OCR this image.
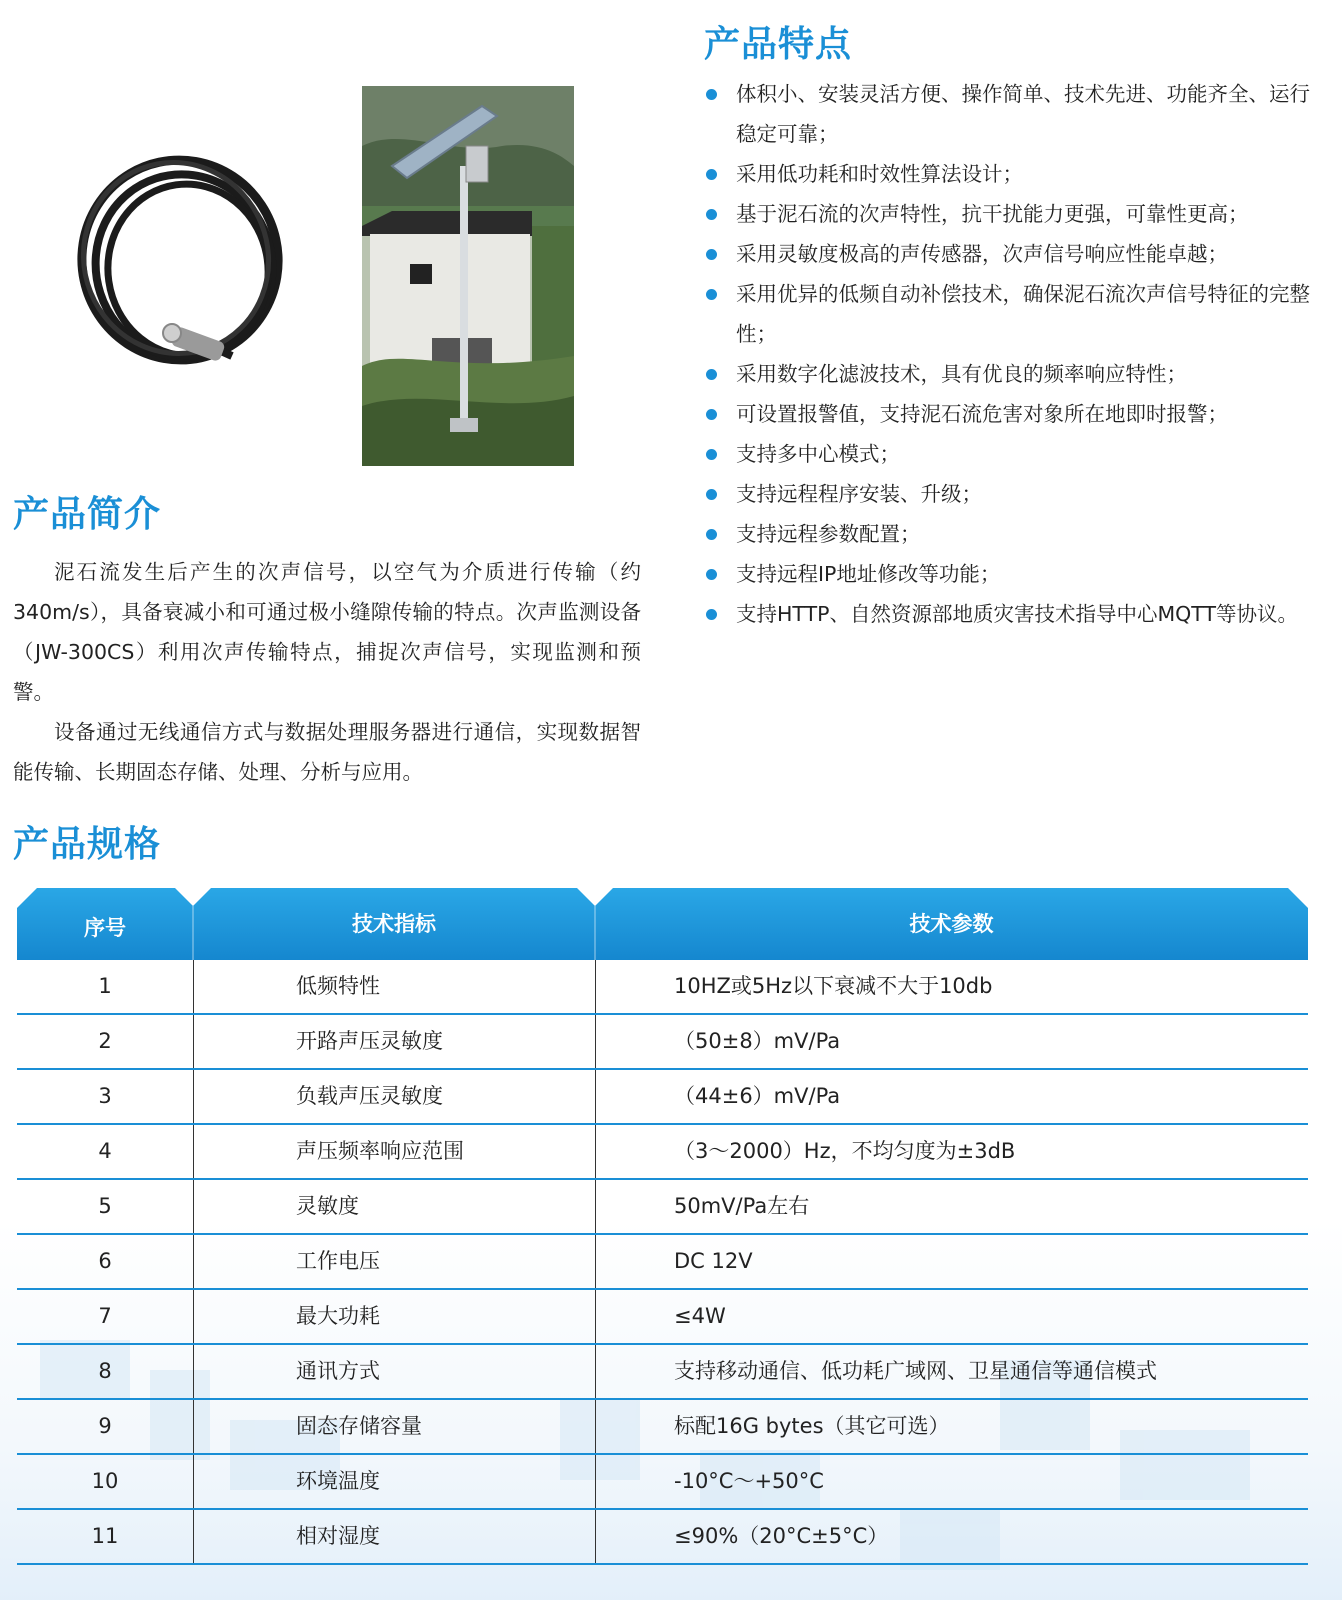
产品特点
体积小、安装灵活方便、操作简单、技术先进、功能齐全、运行稳定可靠；
采用低功耗和时效性算法设计；
基于泥石流的次声特性，抗干扰能力更强，可靠性更高；
采用灵敏度极高的声传感器，次声信号响应性能卓越；
采用优异的低频自动补偿技术，确保泥石流次声信号特征的完整性；
采用数字化滤波技术，具有优良的频率响应特性；
可设置报警值，支持泥石流危害对象所在地即时报警；
支持多中心模式；
支持远程程序安装、升级；
支持远程参数配置；
支持远程IP地址修改等功能；
支持HTTP、自然资源部地质灾害技术指导中心MQTT等协议。
产品简介

泥石流发生后产生的次声信号，以空气为介质进行传输（约340m/s），具备衰减小和可通过极小缝隙传输的特点。次声监测设备（JW-300CS）利用次声传输特点，捕捉次声信号，实现监测和预警。

设备通过无线通信方式与数据处理服务器进行通信，实现数据智能传输、长期固态存储、处理、分析与应用。

产品规格
序号	技术指标	技术参数
1	低频特性	10HZ或5Hz以下衰减不大于10db
2	开路声压灵敏度	（50±8）mV/Pa
3	负载声压灵敏度	（44±6）mV/Pa
4	声压频率响应范围	（3～2000）Hz，不均匀度为±3dB
5	灵敏度	50mV/Pa左右
6	工作电压	DC 12V
7	最大功耗	≤4W
8	通讯方式	支持移动通信、低功耗广域网、卫星通信等通信模式
9	固态存储容量	标配16G bytes（其它可选）
10	环境温度	-10°C～+50°C
11	相对湿度	≤90%（20°C±5°C）
